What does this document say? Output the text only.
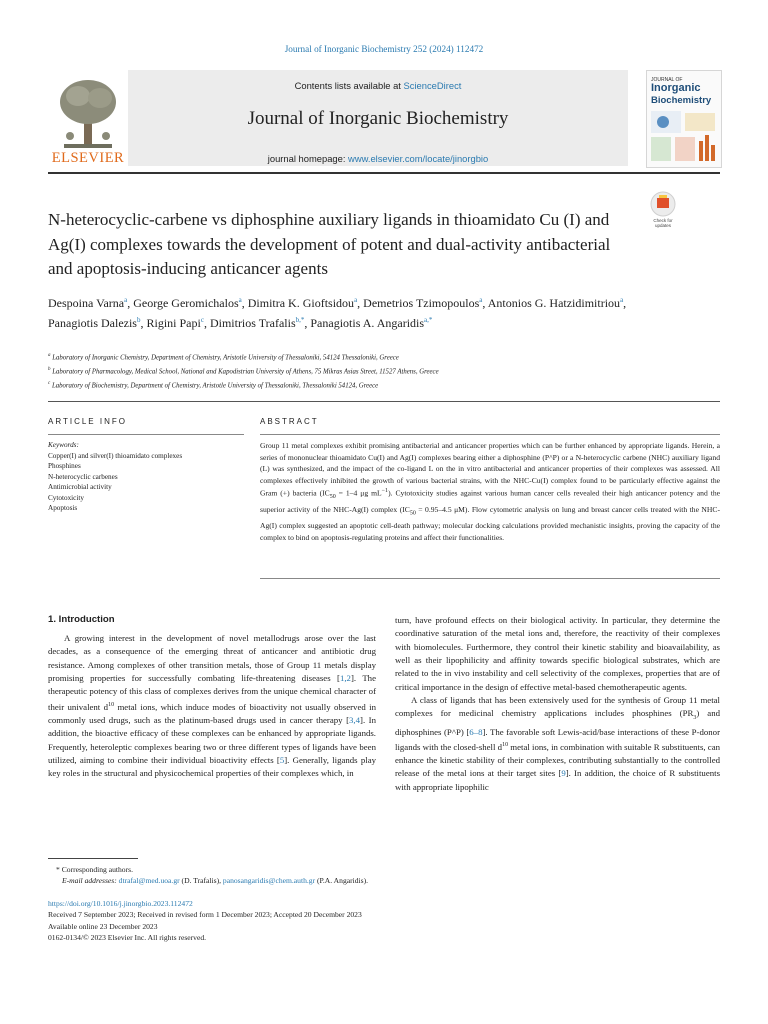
Journal of Inorganic Biochemistry 252 (2024) 112472
ELSEVIER
Contents lists available at ScienceDirect
Journal of Inorganic Biochemistry
journal homepage: www.elsevier.com/locate/jinorgbio
JOURNAL OF
Inorganic
Biochemistry
N-heterocyclic-carbene vs diphosphine auxiliary ligands in thioamidato Cu (I) and Ag(I) complexes towards the development of potent and dual-activity antibacterial and apoptosis-inducing anticancer agents
Check for
updates
Despoina Varna$^a$, George Geromichalos$^a$, Dimitra K. Gioftsidou$^a$, Demetrios Tzimopoulos$^a$, Antonios G. Hatzidimitriou$^a$, Panagiotis Dalezis$^b$, Rigini Papi$^c$, Dimitrios Trafalis$^{b,*}$, Panagiotis A. Angaridis$^{a,*}$
$^a$ Laboratory of Inorganic Chemistry, Department of Chemistry, Aristotle University of Thessaloniki, 54124 Thessaloniki, Greece
$^b$ Laboratory of Pharmacology, Medical School, National and Kapodistrian University of Athens, 75 Mikras Asias Street, 11527 Athens, Greece
$^c$ Laboratory of Biochemistry, Department of Chemistry, Aristotle University of Thessaloniki, Thessaloniki 54124, Greece
ARTICLE INFO	ABSTRACT
Keywords:
Copper(I) and silver(I) thioamidato complexes
Phosphines
N-heterocyclic carbenes
Antimicrobial activity
Cytotoxicity
Apoptosis
Group 11 metal complexes exhibit promising antibacterial and anticancer properties which can be further enhanced by appropriate ligands. Herein, a series of mononuclear thioamidato Cu(I) and Ag(I) complexes bearing either a diphosphine (P^P) or a N-heterocyclic carbene (NHC) auxiliary ligand (L) was synthesized, and the impact of the co-ligand L on the in vitro antibacterial and anticancer properties of their complexes was assessed. All complexes effectively inhibited the growth of various bacterial strains, with the NHC-Cu(I) complex found to be particularly effective against the Gram (+) bacteria ($IC_{50} = 1-4$ μg $mL^{-1}$). Cytotoxicity studies against various human cancer cells revealed their high anticancer potency and the superior activity of the NHC-Ag(I) complex ($IC_{50} = 0.95-4.5$ μM). Flow cytometric analysis on lung and breast cancer cells treated with the NHC-Ag(I) complex suggested an apoptotic cell-death pathway; molecular docking calculations provided mechanistic insights, proving the capacity of the complex to bind on apoptosis-regulating proteins and affect their functionalities.
1. Introduction
A growing interest in the development of novel metallodrugs arose over the last decades, as a consequence of the emerging threat of anticancer and antibiotic drug resistance. Among complexes of other transition metals, those of Group 11 metals display promising properties for successfully combating life-threatening diseases [1,2]. The therapeutic potency of this class of complexes derives from the unique chemical character of their univalent $d^{10}$ metal ions, which induce modes of bioactivity not usually observed in commonly used drugs, such as the platinum-based drugs used in cancer therapy [3,4]. In addition, the bioactive efficacy of these complexes can be enhanced by appropriate ligands. Frequently, heteroleptic complexes bearing two or three different types of ligands have been utilized, aiming to combine their individual bioactivity effects [5]. Generally, ligands play key roles in the structural and physicochemical properties of their complexes which, in
turn, have profound effects on their biological activity. In particular, they determine the coordinative saturation of the metal ions and, therefore, the reactivity of their complexes with biomolecules. Furthermore, they control their kinetic stability and bioavailability, as well as their lipophilicity and affinity towards specific biological substrates, which are related to the in vivo instability and cell selectivity of the complexes, properties that are of critical importance in the design of effective metal-based chemotherapeutic agents.
A class of ligands that has been extensively used for the synthesis of Group 11 metal complexes for medicinal chemistry applications includes phosphines $(PR_3)$ and diphosphines (P^P) [6–8]. The favorable soft Lewis-acid/base interactions of these P-donor ligands with the closed-shell $d^{10}$ metal ions, in combination with suitable R substituents, can enhance the kinetic stability of their complexes, contributing substantially to the controlled release of the metal ions at their target sites [9]. In addition, the choice of R substituents with appropriate lipophilic
* Corresponding authors.
E-mail addresses: dtrafal@med.uoa.gr (D. Trafalis), panosangaridis@chem.auth.gr (P.A. Angaridis).
https://doi.org/10.1016/j.jinorgbio.2023.112472
Received 7 September 2023; Received in revised form 1 December 2023; Accepted 20 December 2023
Available online 23 December 2023
0162-0134/© 2023 Elsevier Inc. All rights reserved.
